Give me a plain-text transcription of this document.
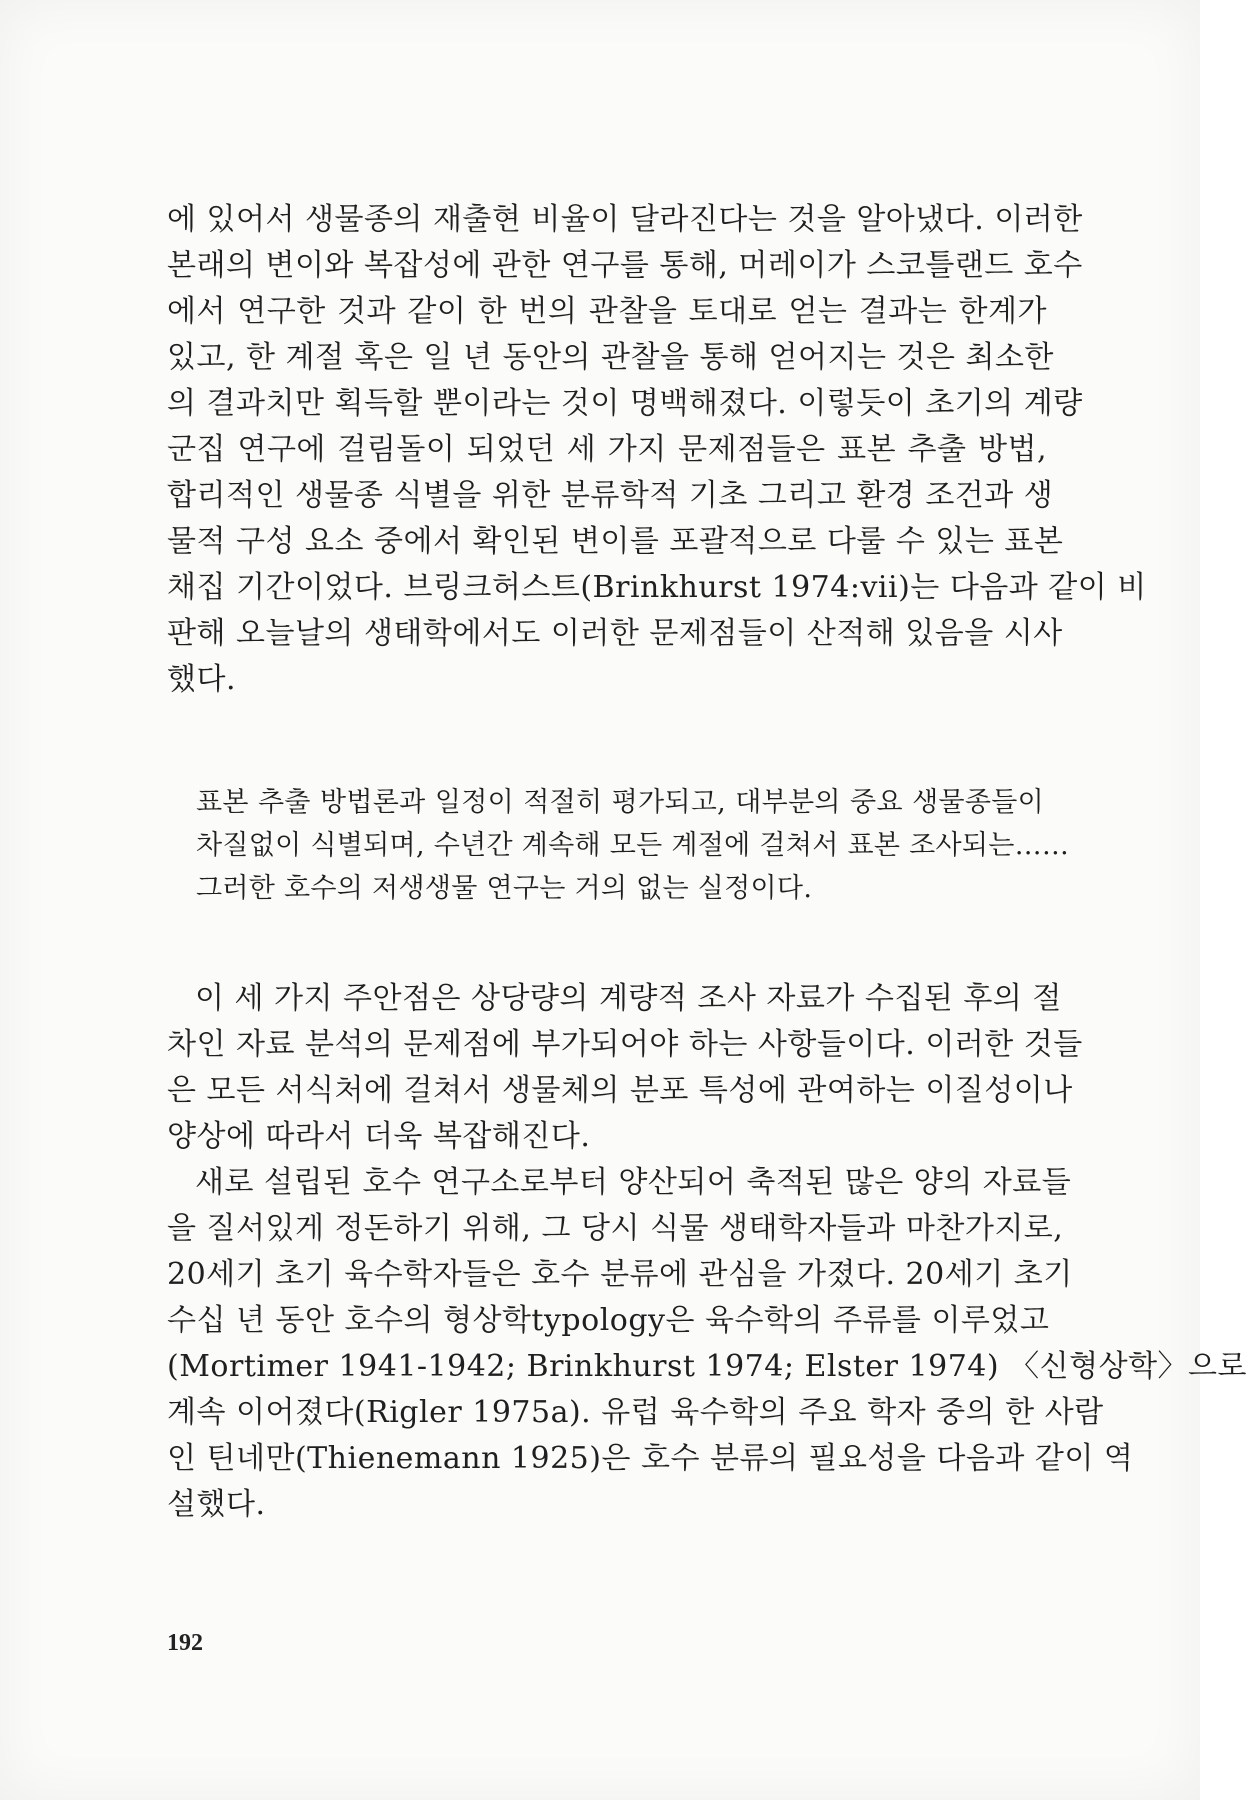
에 있어서 생물종의 재출현 비율이 달라진다는 것을 알아냈다. 이러한
본래의 변이와 복잡성에 관한 연구를 통해, 머레이가 스코틀랜드 호수
에서 연구한 것과 같이 한 번의 관찰을 토대로 얻는 결과는 한계가
있고, 한 계절 혹은 일 년 동안의 관찰을 통해 얻어지는 것은 최소한
의 결과치만 획득할 뿐이라는 것이 명백해졌다. 이렇듯이 초기의 계량
군집 연구에 걸림돌이 되었던 세 가지 문제점들은 표본 추출 방법,
합리적인 생물종 식별을 위한 분류학적 기초 그리고 환경 조건과 생
물적 구성 요소 중에서 확인된 변이를 포괄적으로 다룰 수 있는 표본
채집 기간이었다. 브링크허스트(Brinkhurst 1974:vii)는 다음과 같이 비
판해 오늘날의 생태학에서도 이러한 문제점들이 산적해 있음을 시사
했다.
표본 추출 방법론과 일정이 적절히 평가되고, 대부분의 중요 생물종들이
차질없이 식별되며, 수년간 계속해 모든 계절에 걸쳐서 표본 조사되는……
그러한 호수의 저생생물 연구는 거의 없는 실정이다.
이 세 가지 주안점은 상당량의 계량적 조사 자료가 수집된 후의 절
차인 자료 분석의 문제점에 부가되어야 하는 사항들이다. 이러한 것들
은 모든 서식처에 걸쳐서 생물체의 분포 특성에 관여하는 이질성이나
양상에 따라서 더욱 복잡해진다.
새로 설립된 호수 연구소로부터 양산되어 축적된 많은 양의 자료들
을 질서있게 정돈하기 위해, 그 당시 식물 생태학자들과 마찬가지로,
20세기 초기 육수학자들은 호수 분류에 관심을 가졌다. 20세기 초기
수십 년 동안 호수의 형상학typology은 육수학의 주류를 이루었고
(Mortimer 1941-1942; Brinkhurst 1974; Elster 1974) 〈신형상학〉으로
계속 이어졌다(Rigler 1975a). 유럽 육수학의 주요 학자 중의 한 사람
인 틴네만(Thienemann 1925)은 호수 분류의 필요성을 다음과 같이 역
설했다.
192
